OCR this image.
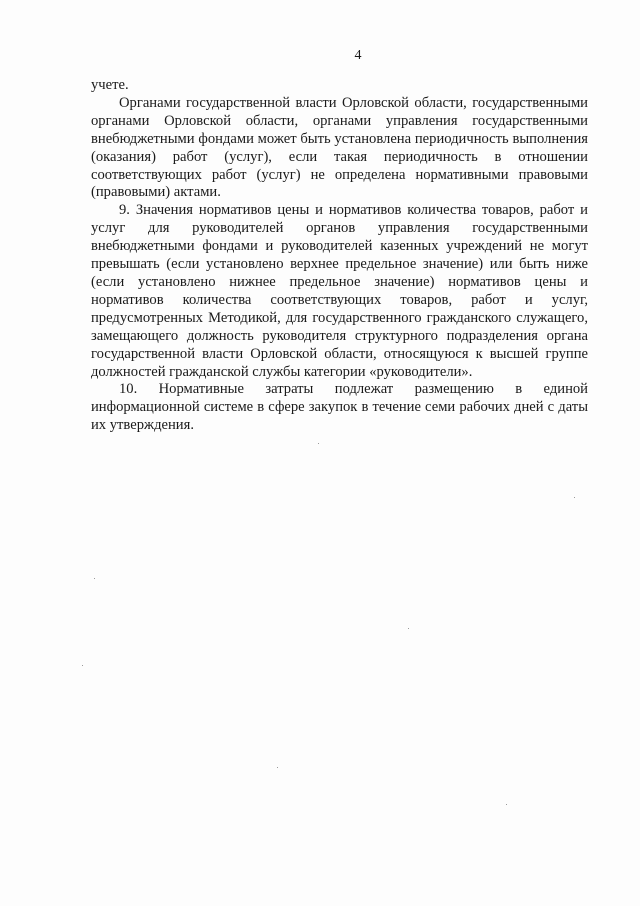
4

учете.

Органами государственной власти Орловской области, государственными органами Орловской области, органами управления государственными внебюджетными фондами может быть установлена периодичность выполнения (оказания) работ (услуг), если такая периодичность в отношении соответствующих работ (услуг) не определена нормативными правовыми (правовыми) актами.

9. Значения нормативов цены и нормативов количества товаров, работ и услуг для руководителей органов управления государственными внебюджетными фондами и руководителей казенных учреждений не могут превышать (если установлено верхнее предельное значение) или быть ниже (если установлено нижнее предельное значение) нормативов цены и нормативов количества соответствующих товаров, работ и услуг, предусмотренных Методикой, для государственного гражданского служащего, замещающего должность руководителя структурного подразделения органа государственной власти Орловской области, относящуюся к высшей группе должностей гражданской службы категории «руководители».

10. Нормативные затраты подлежат размещению в единой информационной системе в сфере закупок в течение семи рабочих дней с даты их утверждения.
